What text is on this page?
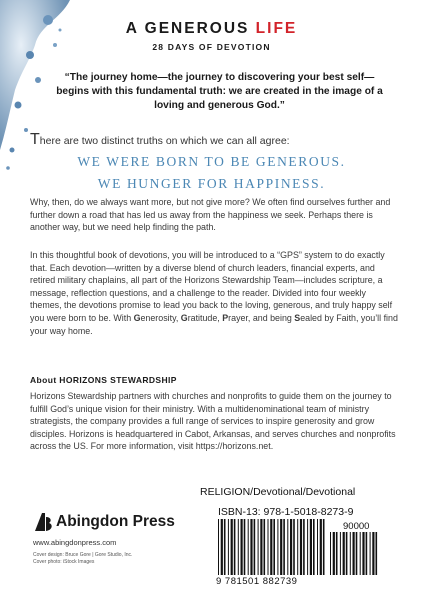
A GENEROUS LIFE
28 DAYS OF DEVOTION
“The journey home—the journey to discovering your best self—begins with this fundamental truth: we are created in the image of a loving and generous God.”
There are two distinct truths on which we can all agree:
WE WERE BORN TO BE GENEROUS.
WE HUNGER FOR HAPPINESS.
Why, then, do we always want more, but not give more? We often find ourselves further and further down a road that has led us away from the happiness we seek. Perhaps there is another way, but we need help finding the path.
In this thoughtful book of devotions, you will be introduced to a “GPS” system to do exactly that. Each devotion—written by a diverse blend of church leaders, financial experts, and retired military chaplains, all part of the Horizons Stewardship Team—includes scripture, a message, reflection questions, and a challenge to the reader. Divided into four weekly themes, the devotions promise to lead you back to the loving, generous, and truly happy self you were born to be. With Generosity, Gratitude, Prayer, and being Sealed by Faith, you’ll find your way home.
About HORIZONS STEWARDSHIP
Horizons Stewardship partners with churches and nonprofits to guide them on the journey to fulfill God’s unique vision for their ministry. With a multidenominational team of ministry strategists, the company provides a full range of services to inspire generosity and grow disciples. Horizons is headquartered in Cabot, Arkansas, and serves churches and nonprofits across the US. For more information, visit https://horizons.net.
Abingdon Press
www.abingdonpress.com
Cover design: Bruce Gore | Gore Studio, Inc.
Cover photo: iStock Images
RELIGION/Devotional/Devotional
ISBN-13: 978-1-5018-8273-9
90000
9 781501 882739
